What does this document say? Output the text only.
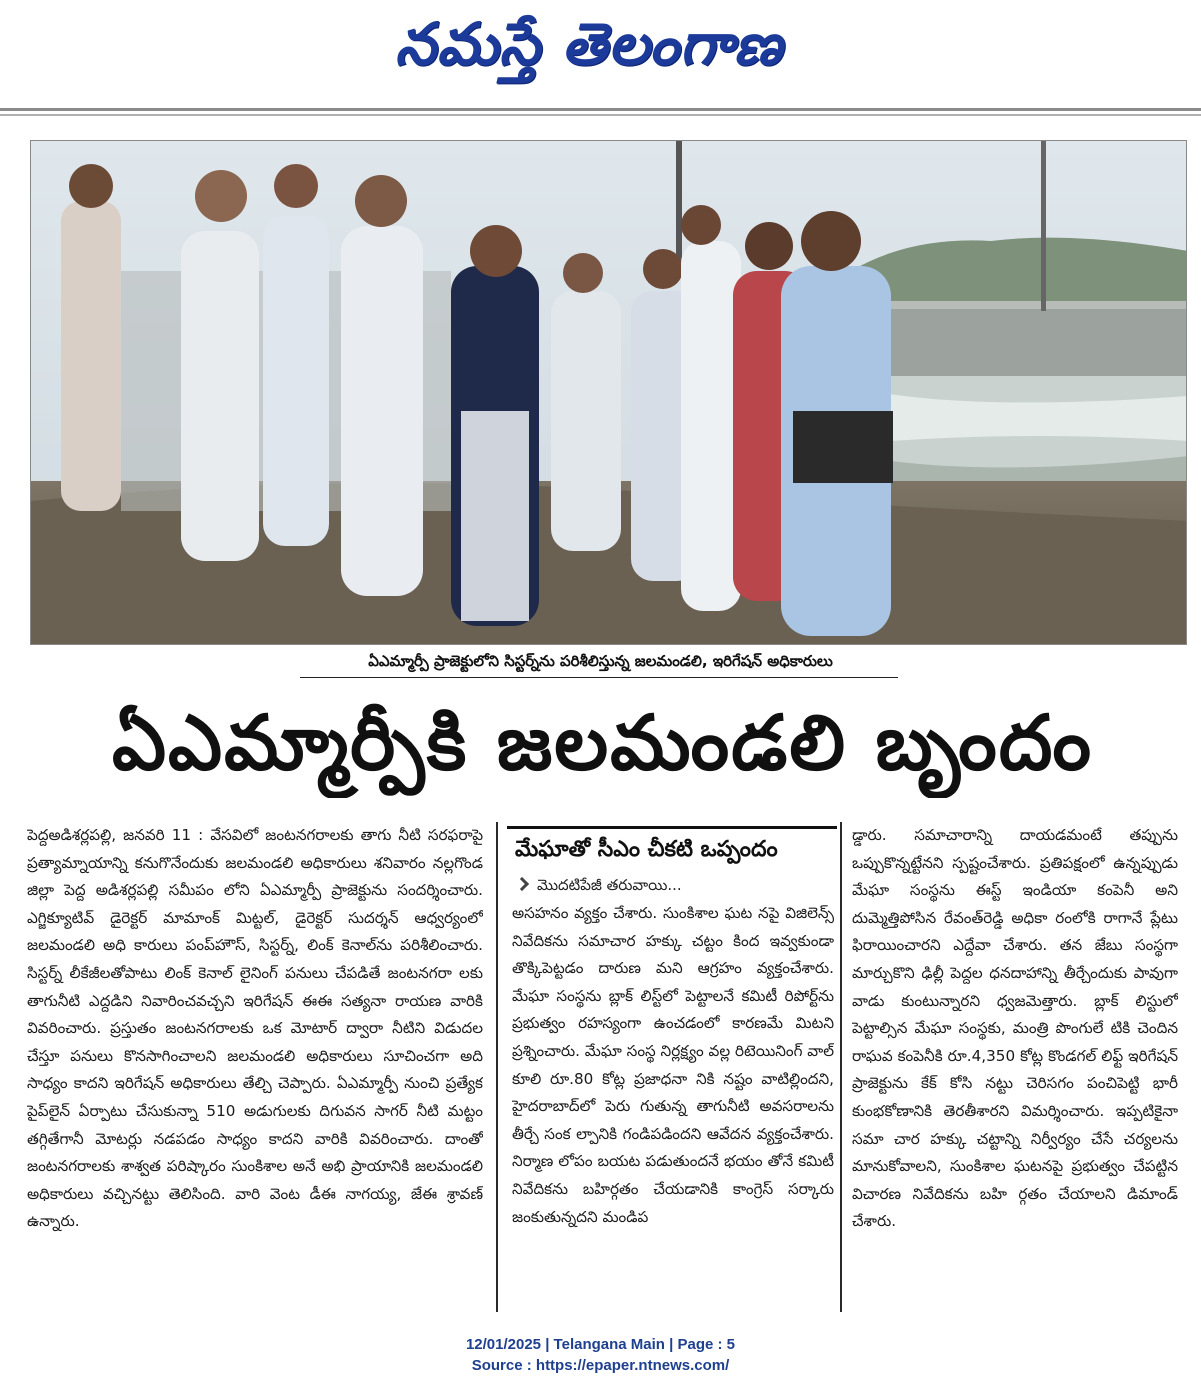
నమస్తే తెలంగాణ
ఏఎమ్మార్పీ ప్రాజెక్టులోని సిస్టర్న్‌ను పరిశీలిస్తున్న జలమండలి, ఇరిగేషన్ అధికారులు
ఏఎమ్మార్పీకి జలమండలి బృందం
పెద్దఅడిశర్లపల్లి, జనవరి 11 : వేసవిలో జంటనగరాలకు తాగు నీటి సరఫరాపై ప్రత్యామ్నాయాన్ని కనుగొనేందుకు జలమండలి అధికారులు శనివారం నల్లగొండ జిల్లా పెద్ద అడిశర్లపల్లి సమీపం లోని ఏఎమ్మార్పీ ప్రాజెక్టును సందర్శించారు. ఎగ్జిక్యూటివ్ డైరెక్టర్ మామాంక్ మిట్టల్, డైరెక్టర్ సుదర్శన్ ఆధ్వర్యంలో జలమండలి అధి కారులు పంప్‌హౌస్, సిస్టర్న్, లింక్ కెనాల్‌ను పరిశీలించారు. సిస్టర్న్ లీకేజీలతోపాటు లింక్ కెనాల్ లైనింగ్ పనులు చేపడితే జంటనగరా లకు తాగునీటి ఎద్దడిని నివారించవచ్చని ఇరిగేషన్ ఈఈ సత్యనా రాయణ వారికి వివరించారు. ప్రస్తుతం జంటనగరాలకు ఒక మోటార్ ద్వారా నీటిని విడుదల చేస్తూ పనులు కొనసాగించాలని జలమండలి అధికారులు సూచించగా అది సాధ్యం కాదని ఇరిగేషన్ అధికారులు తేల్చి చెప్పారు. ఏఎమ్మార్పీ నుంచి ప్రత్యేక పైప్‌లైన్ ఏర్పాటు చేసుకున్నా 510 అడుగులకు దిగువన సాగర్ నీటి మట్టం తగ్గితేగానీ మోటర్లు నడపడం సాధ్యం కాదని వారికి వివరించారు. దాంతో జంటనగరాలకు శాశ్వత పరిష్కారం సుంకిశాల అనే అభి ప్రాయానికి జలమండలి అధికారులు వచ్చినట్టు తెలిసింది. వారి వెంట డీఈ నాగయ్య, జేఈ శ్రావణ్ ఉన్నారు.
మేఘాతో సీఎం చీకటి ఒప్పందం
మొదటిపేజీ తరువాయి...
అసహనం వ్యక్తం చేశారు. సుంకిశాల ఘట నపై విజిలెన్స్ నివేదికను సమాచార హక్కు చట్టం కింద ఇవ్వకుండా తొక్కిపెట్టడం దారుణ మని ఆగ్రహం వ్యక్తంచేశారు. మేఘా సంస్థను బ్లాక్ లిస్ట్‌లో పెట్టాలనే కమిటీ రిపోర్ట్‌ను ప్రభుత్వం రహస్యంగా ఉంచడంలో కారణమే మిటని ప్రశ్నించారు. మేఘా సంస్థ నిర్లక్ష్యం వల్ల రిటెయినింగ్ వాల్ కూలి రూ.80 కోట్ల ప్రజాధనా నికి నష్టం వాటిల్లిందని, హైదరాబాద్‌లో పెరు గుతున్న తాగునీటి అవసరాలను తీర్చే సంక ల్పానికి గండిపడిందని ఆవేదన వ్యక్తంచేశారు. నిర్మాణ లోపం బయట పడుతుందనే భయం తోనే కమిటీ నివేదికను బహిర్గతం చేయడానికి కాంగ్రెస్ సర్కారు జంకుతున్నదని మండిప
డ్డారు. సమాచారాన్ని దాయడమంటే తప్పును ఒప్పుకొన్నట్టేనని స్పష్టంచేశారు. ప్రతిపక్షంలో ఉన్నప్పుడు మేఘా సంస్థను ఈస్ట్ ఇండియా కంపెనీ అని దుమ్మెత్తిపోసిన రేవంత్‌రెడ్డి అధికా రంలోకి రాగానే ప్లేటు ఫిరాయించారని ఎద్దేవా చేశారు. తన జేబు సంస్థగా మార్చుకొని ఢిల్లీ పెద్దల ధనదాహాన్ని తీర్చేందుకు పావుగా వాడు కుంటున్నారని ధ్వజమెత్తారు. బ్లాక్ లిస్టులో పెట్టాల్సిన మేఘా సంస్థకు, మంత్రి పొంగులే టికి చెందిన రాఘవ కంపెనీకి రూ.4,350 కోట్ల కొండగల్ లిఫ్ట్ ఇరిగేషన్ ప్రాజెక్టును కేక్ కోసి నట్టు చెరిసగం పంచిపెట్టి భారీ కుంభకోణానికి తెరతీశారని విమర్శించారు. ఇప్పటికైనా సమా చార హక్కు చట్టాన్ని నిర్వీర్యం చేసే చర్యలను మానుకోవాలని, సుంకిశాల ఘటనపై ప్రభుత్వం చేపట్టిన విచారణ నివేదికను బహి ర్గతం చేయాలని డిమాండ్ చేశారు.
12/01/2025 | Telangana Main | Page : 5
Source : https://epaper.ntnews.com/
